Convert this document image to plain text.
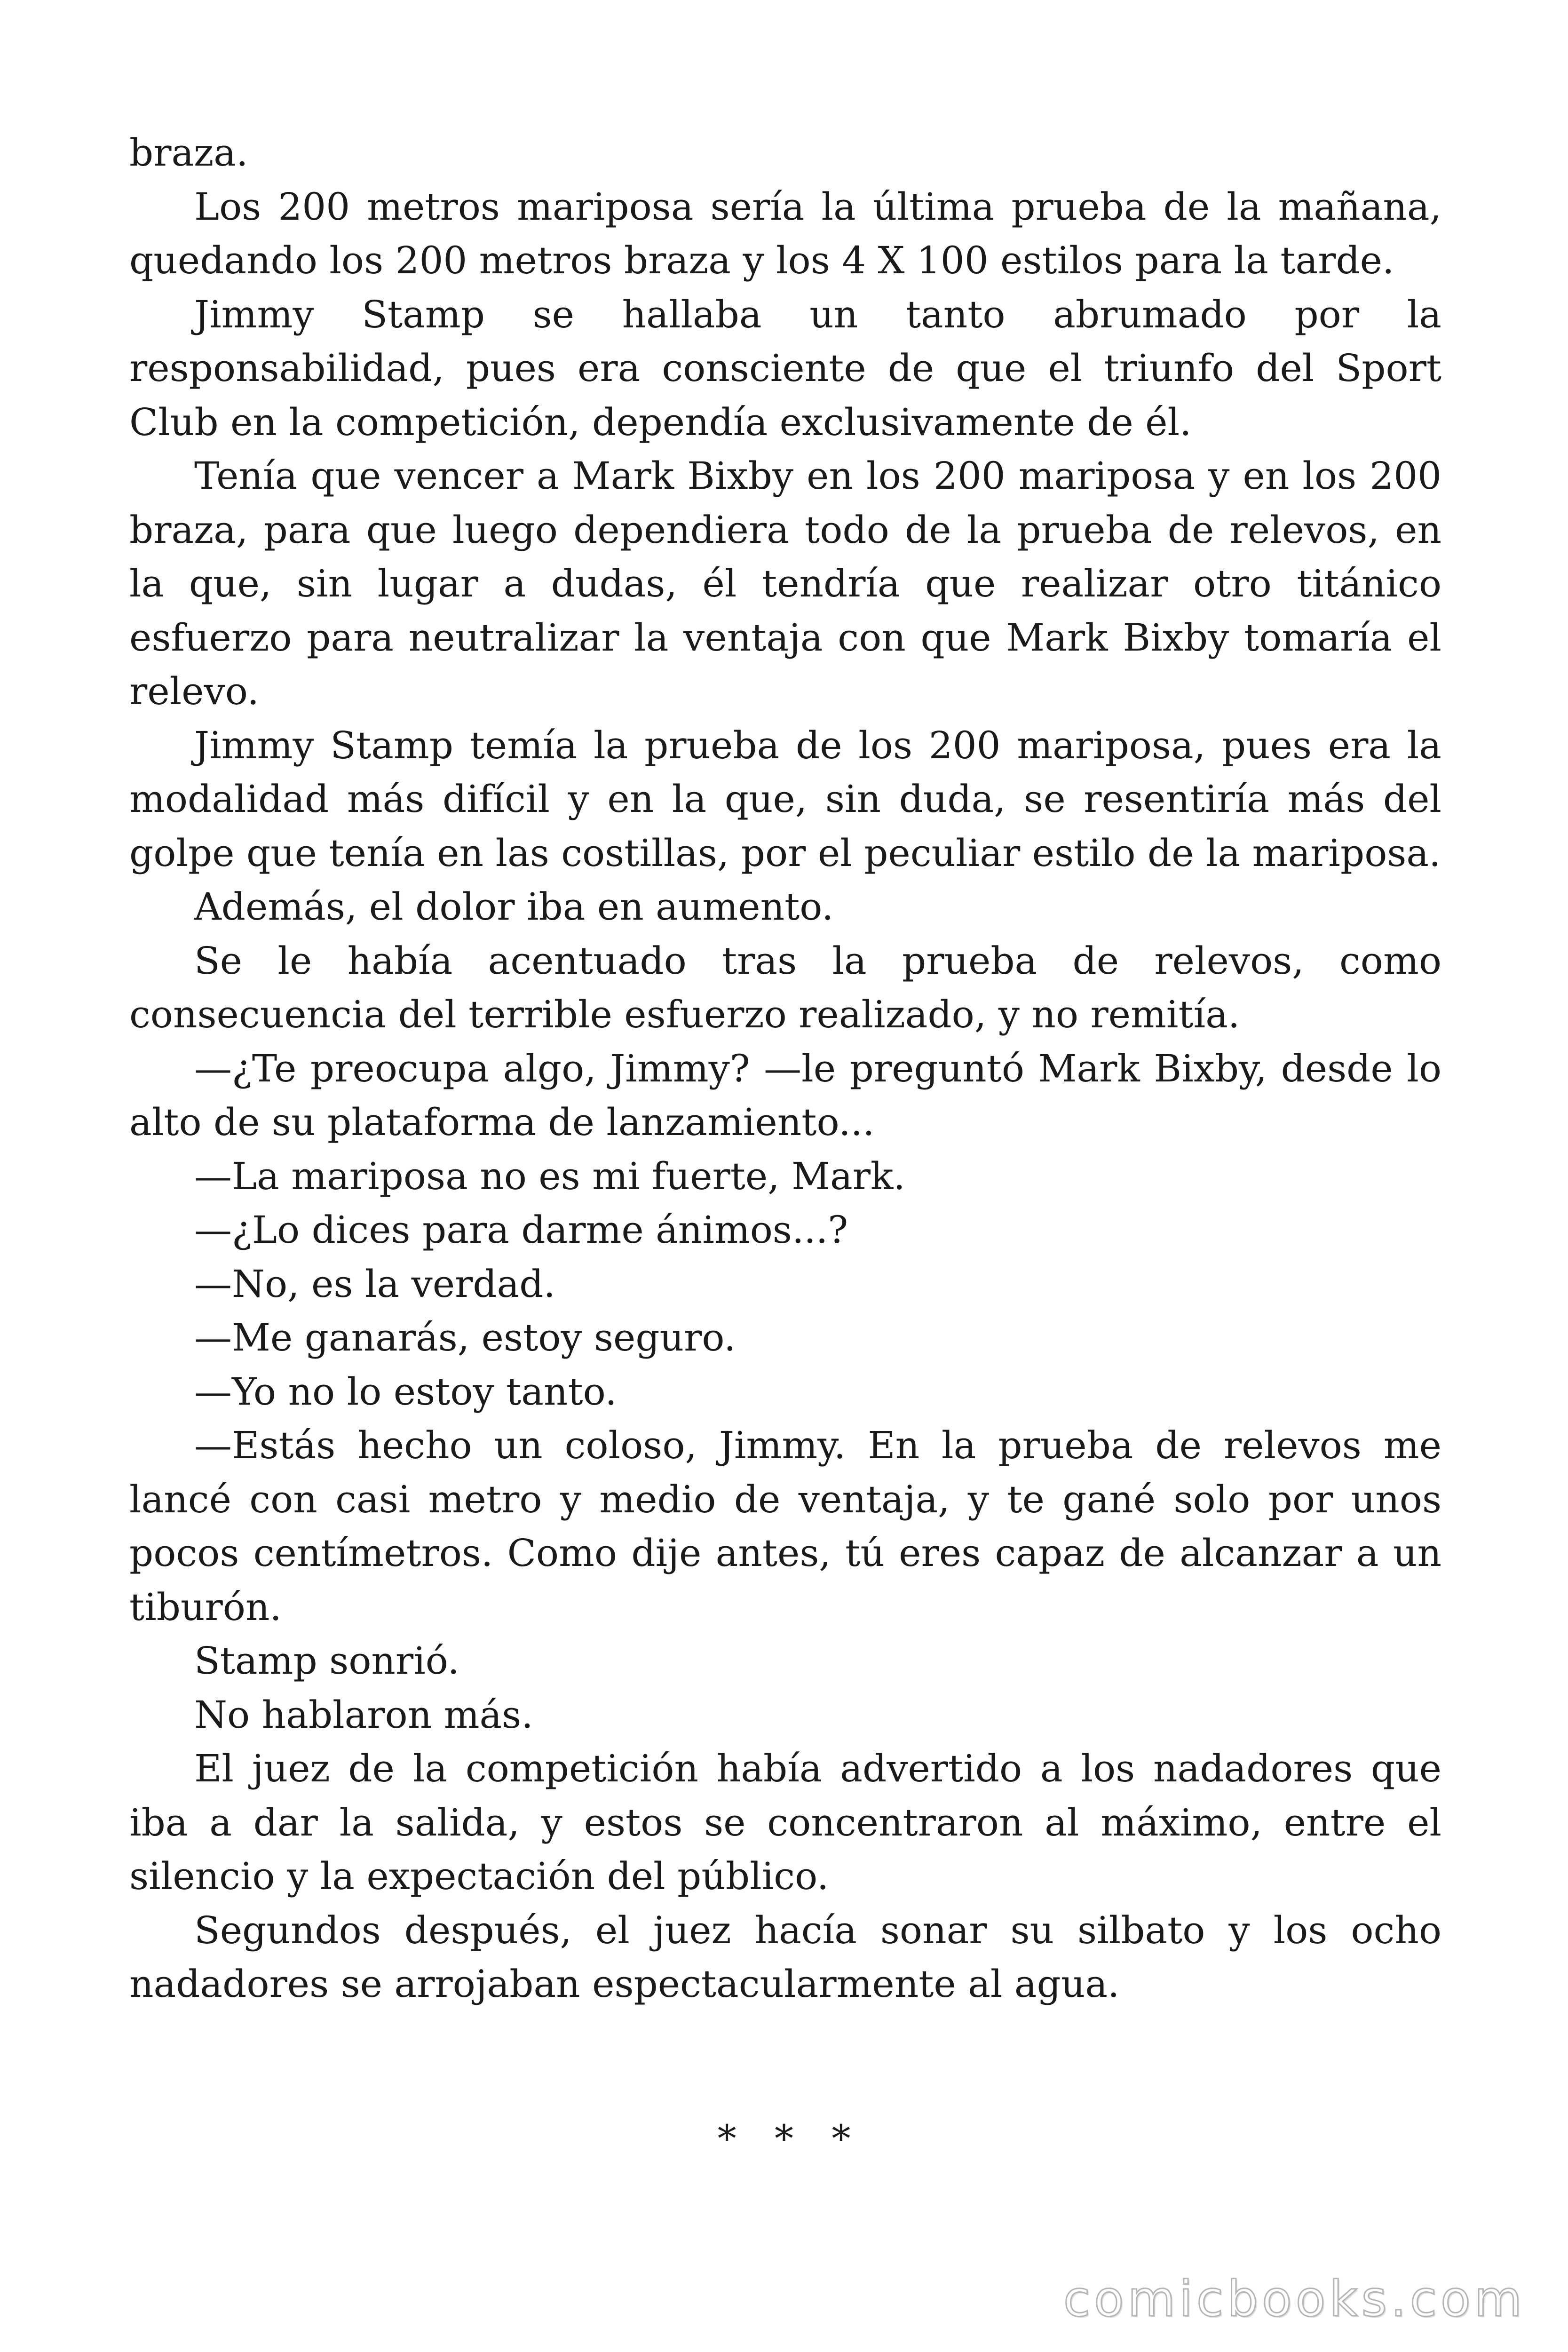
braza.

Los 200 metros mariposa sería la última prueba de la mañana, quedando los 200 metros braza y los 4 X 100 estilos para la tarde.

Jimmy Stamp se hallaba un tanto abrumado por la responsabilidad, pues era consciente de que el triunfo del Sport Club en la competición, dependía exclusivamente de él.

Tenía que vencer a Mark Bixby en los 200 mariposa y en los 200 braza, para que luego dependiera todo de la prueba de relevos, en la que, sin lugar a dudas, él tendría que realizar otro titánico esfuerzo para neutralizar la ventaja con que Mark Bixby tomaría el relevo.

Jimmy Stamp temía la prueba de los 200 mariposa, pues era la modalidad más difícil y en la que, sin duda, se resentiría más del golpe que tenía en las costillas, por el peculiar estilo de la mariposa.

Además, el dolor iba en aumento.

Se le había acentuado tras la prueba de relevos, como consecuencia del terrible esfuerzo realizado, y no remitía.

—¿Te preocupa algo, Jimmy? —le preguntó Mark Bixby, desde lo alto de su plataforma de lanzamiento...

—La mariposa no es mi fuerte, Mark.

—¿Lo dices para darme ánimos...?

—No, es la verdad.

—Me ganarás, estoy seguro.

—Yo no lo estoy tanto.

—Estás hecho un coloso, Jimmy. En la prueba de relevos me lancé con casi metro y medio de ventaja, y te gané solo por unos pocos centímetros. Como dije antes, tú eres capaz de alcanzar a un tiburón.

Stamp sonrió.

No hablaron más.

El juez de la competición había advertido a los nadadores que iba a dar la salida, y estos se concentraron al máximo, entre el silencio y la expectación del público.

Segundos después, el juez hacía sonar su silbato y los ocho nadadores se arrojaban espectacularmente al agua.

* * *
comicbooks.com
